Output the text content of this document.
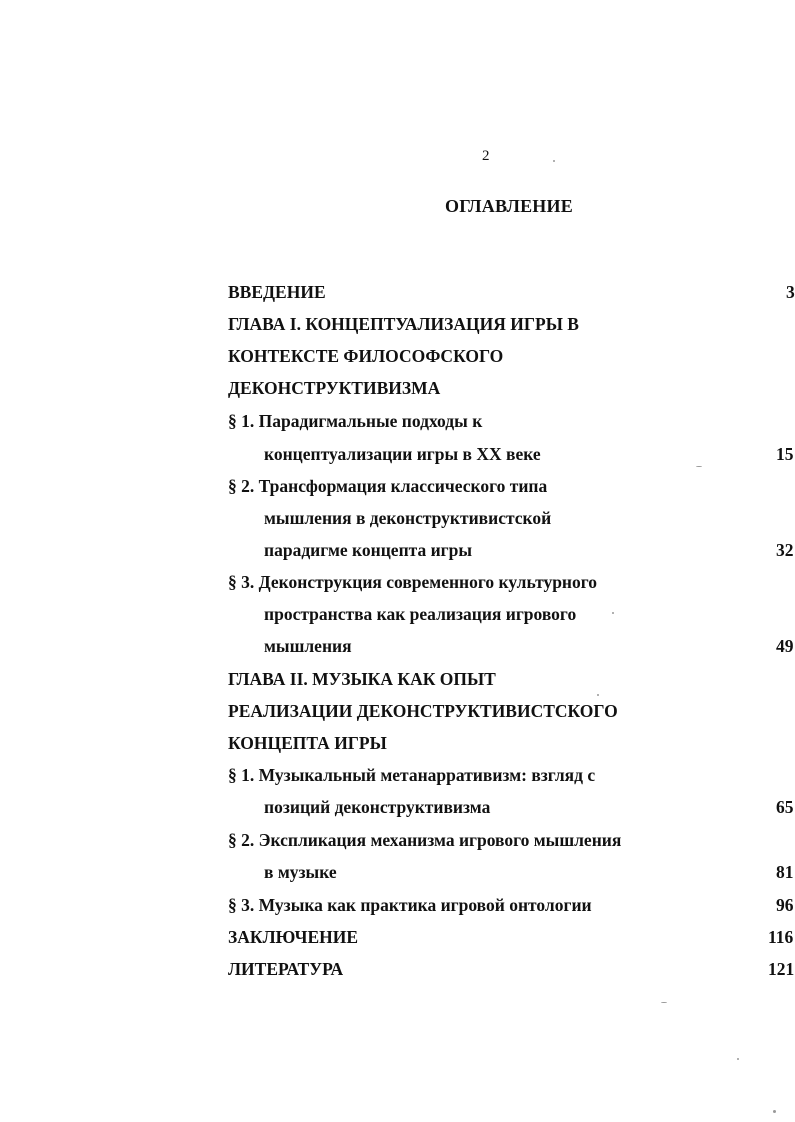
2
ОГЛАВЛЕНИЕ
ВВЕДЕНИЕ	3
ГЛАВА I. КОНЦЕПТУАЛИЗАЦИЯ ИГРЫ В
КОНТЕКСТЕ ФИЛОСОФСКОГО
ДЕКОНСТРУКТИВИЗМА
§ 1. Парадигмальные подходы к
концептуализации игры в XX веке	15
§ 2. Трансформация классического типа
мышления в деконструктивистской
парадигме концепта игры	32
§ 3. Деконструкция современного культурного
пространства как реализация игрового
мышления	49
ГЛАВА II. МУЗЫКА КАК ОПЫТ
РЕАЛИЗАЦИИ ДЕКОНСТРУКТИВИСТСКОГО
КОНЦЕПТА ИГРЫ
§ 1. Музыкальный метанарративизм: взгляд с
позиций деконструктивизма	65
§ 2. Экспликация механизма игрового мышления
в музыке	81
§ 3. Музыка как практика игровой онтологии	96
ЗАКЛЮЧЕНИЕ	116
ЛИТЕРАТУРА	121
